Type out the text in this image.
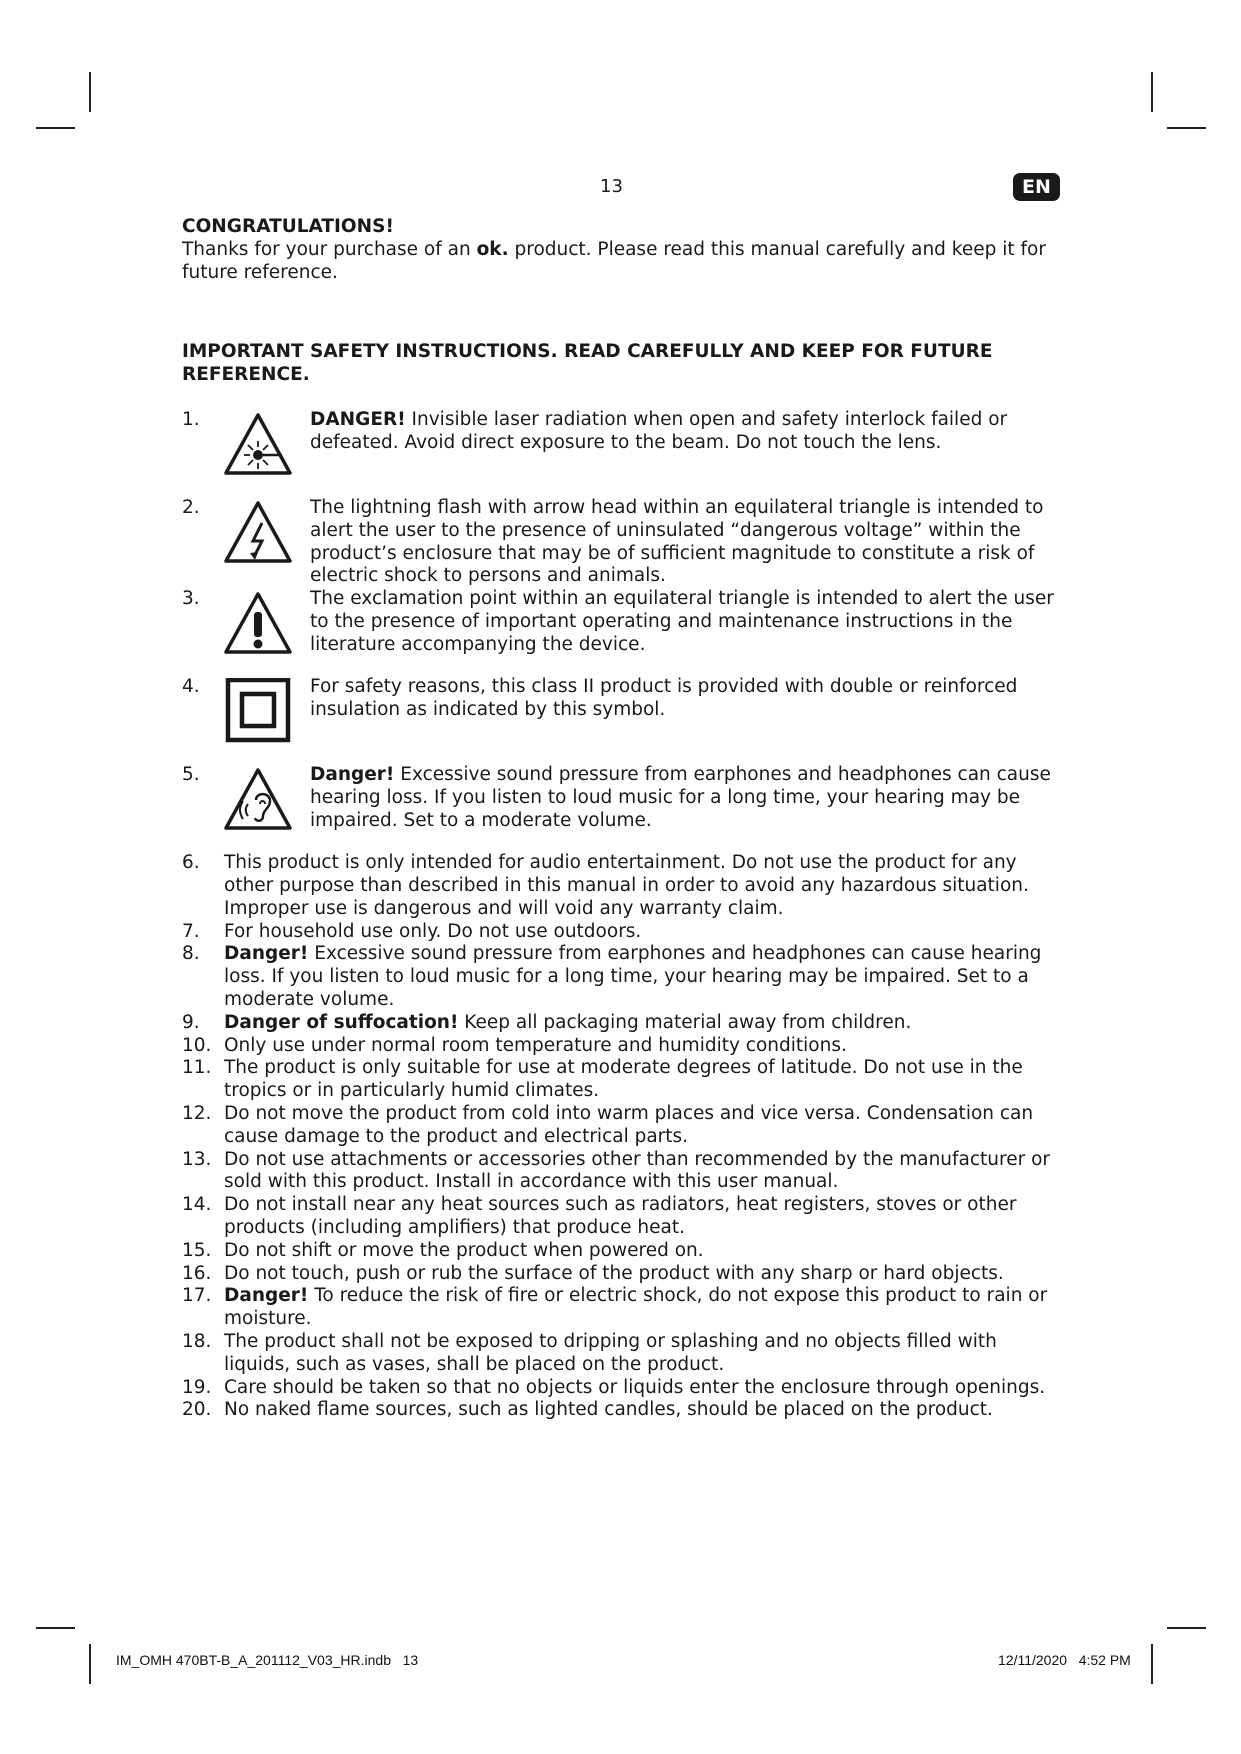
13	EN

CONGRATULATIONS!

Thanks for your purchase of an ok. product. Please read this manual carefully and keep it for future reference.

IMPORTANT SAFETY INSTRUCTIONS. READ CAREFULLY AND KEEP FOR FUTURE REFERENCE.

1.	DANGER! Invisible laser radiation when open and safety interlock failed or defeated. Avoid direct exposure to the beam. Do not touch the lens.

2.	The lightning flash with arrow head within an equilateral triangle is intended to alert the user to the presence of uninsulated “dangerous voltage” within the product’s enclosure that may be of sufficient magnitude to constitute a risk of electric shock to persons and animals.

3.	The exclamation point within an equilateral triangle is intended to alert the user to the presence of important operating and maintenance instructions in the literature accompanying the device.

4.	For safety reasons, this class II product is provided with double or reinforced insulation as indicated by this symbol.

5.	Danger! Excessive sound pressure from earphones and headphones can cause hearing loss. If you listen to loud music for a long time, your hearing may be impaired. Set to a moderate volume.

6. This product is only intended for audio entertainment. Do not use the product for any other purpose than described in this manual in order to avoid any hazardous situation. Improper use is dangerous and will void any warranty claim.
7. For household use only. Do not use outdoors.
8. Danger! Excessive sound pressure from earphones and headphones can cause hearing loss. If you listen to loud music for a long time, your hearing may be impaired. Set to a moderate volume.
9. Danger of suffocation! Keep all packaging material away from children.
10. Only use under normal room temperature and humidity conditions.
11. The product is only suitable for use at moderate degrees of latitude. Do not use in the tropics or in particularly humid climates.
12. Do not move the product from cold into warm places and vice versa. Condensation can cause damage to the product and electrical parts.
13. Do not use attachments or accessories other than recommended by the manufacturer or sold with this product. Install in accordance with this user manual.
14. Do not install near any heat sources such as radiators, heat registers, stoves or other products (including amplifiers) that produce heat.
15. Do not shift or move the product when powered on.
16. Do not touch, push or rub the surface of the product with any sharp or hard objects.
17. Danger! To reduce the risk of fire or electric shock, do not expose this product to rain or moisture.
18. The product shall not be exposed to dripping or splashing and no objects filled with liquids, such as vases, shall be placed on the product.
19. Care should be taken so that no objects or liquids enter the enclosure through openings.
20. No naked flame sources, such as lighted candles, should be placed on the product.
IM_OMH 470BT-B_A_201112_V03_HR.indb   13	12/11/2020   4:52 PM
